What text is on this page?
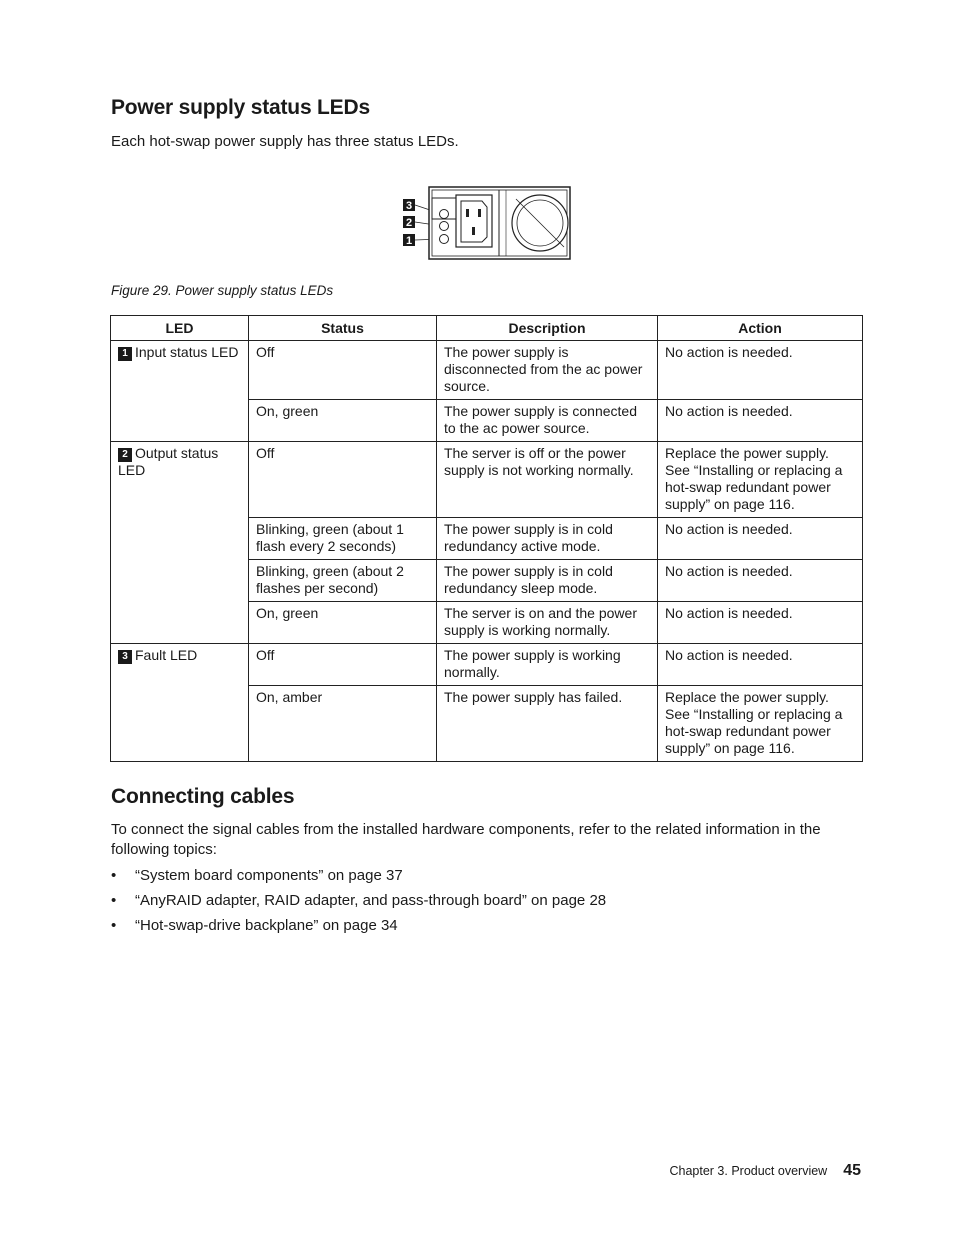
Power supply status LEDs

Each hot-swap power supply has three status LEDs.

3
2
1
Figure 29. Power supply status LEDs
LED	Status	Description	Action
1 Input status LED	Off	The power supply is disconnected from the ac power source.	No action is needed.
	On, green	The power supply is connected to the ac power source.	No action is needed.
2 Output status LED	Off	The server is off or the power supply is not working normally.	Replace the power supply. See “Installing or replacing a hot-swap redundant power supply” on page 116.
	Blinking, green (about 1 flash every 2 seconds)	The power supply is in cold redundancy active mode.	No action is needed.
	Blinking, green (about 2 flashes per second)	The power supply is in cold redundancy sleep mode.	No action is needed.
	On, green	The server is on and the power supply is working normally.	No action is needed.
3 Fault LED	Off	The power supply is working normally.	No action is needed.
	On, amber	The power supply has failed.	Replace the power supply. See “Installing or replacing a hot-swap redundant power supply” on page 116.
Connecting cables

To connect the signal cables from the installed hardware components, refer to the related information in the following topics:

• “System board components” on page 37
• “AnyRAID adapter, RAID adapter, and pass-through board” on page 28
• “Hot-swap-drive backplane” on page 34
Chapter 3. Product overview 45
